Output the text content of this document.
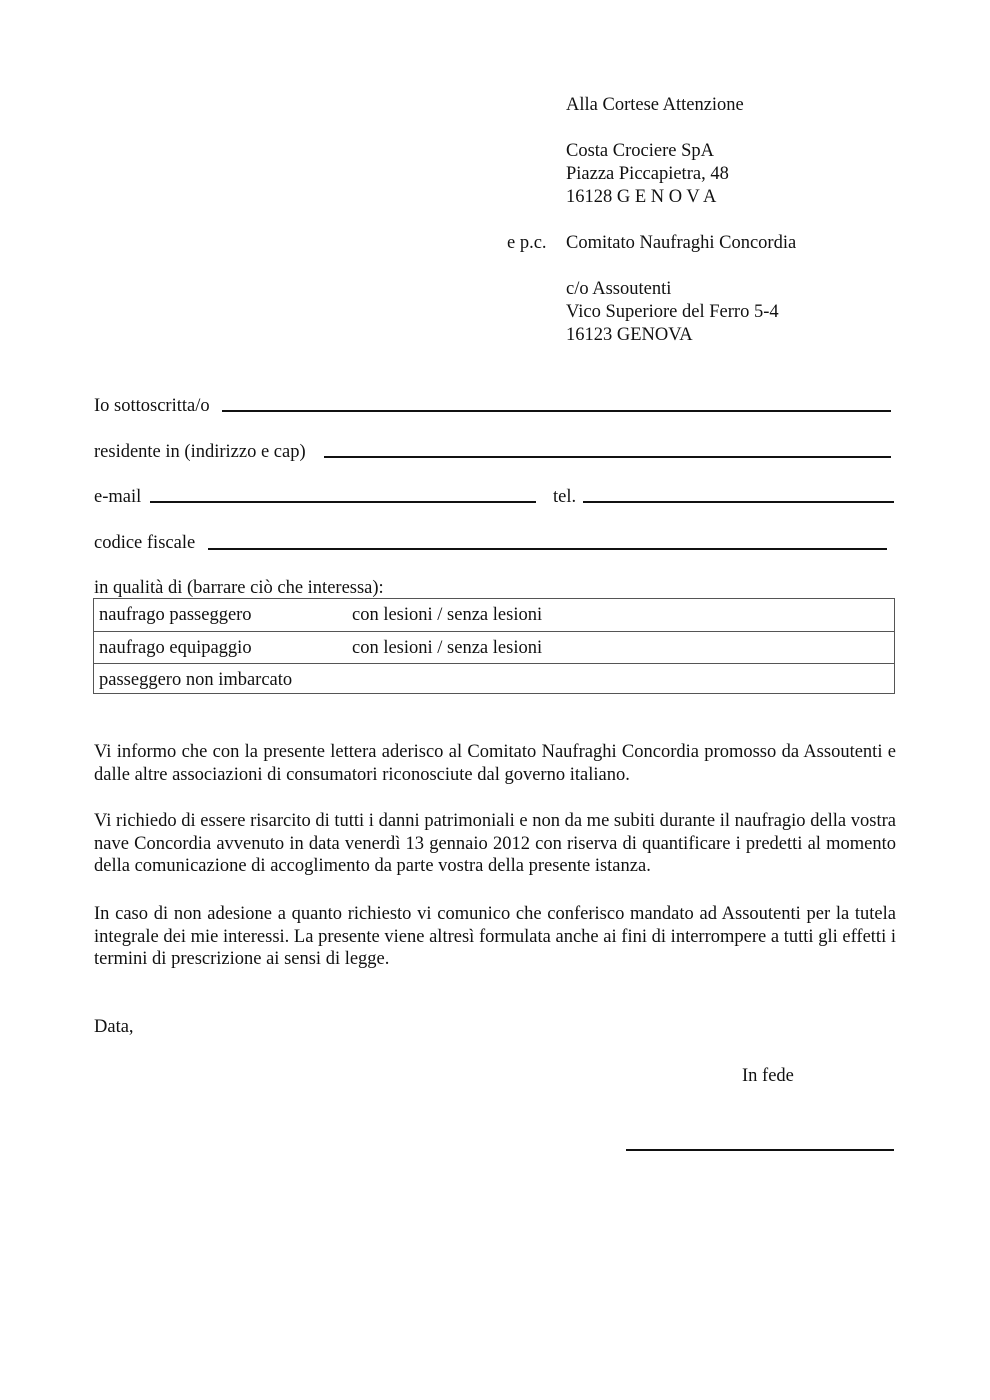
Alla Cortese Attenzione
Costa Crociere SpA
Piazza Piccapietra, 48
16128 G E N O V A
e p.c. Comitato Naufraghi Concordia
c/o Assoutenti
Vico Superiore del Ferro 5-4
16123 GENOVA
Io sottoscritta/o
residente in (indirizzo e cap)
e-mail	tel.
codice fiscale
in qualità di (barrare ciò che interessa):
naufrago passeggero	con lesioni / senza lesioni
naufrago equipaggio	con lesioni / senza lesioni
passeggero non imbarcato
Vi informo che con la presente lettera aderisco al Comitato Naufraghi Concordia promosso da Assoutenti e dalle altre associazioni di consumatori riconosciute dal governo italiano.
Vi richiedo di essere risarcito di tutti i danni patrimoniali e non da me subiti durante il naufragio della vostra nave Concordia avvenuto in data venerdì 13 gennaio 2012 con riserva di quantificare i predetti al momento della comunicazione di accoglimento da parte vostra della presente istanza.
In caso di non adesione a quanto richiesto vi comunico che conferisco mandato ad Assoutenti per la tutela integrale dei mie interessi. La presente viene altresì formulata anche ai fini di interrompere a tutti gli effetti i termini di prescrizione ai sensi di legge.
Data,
In fede
